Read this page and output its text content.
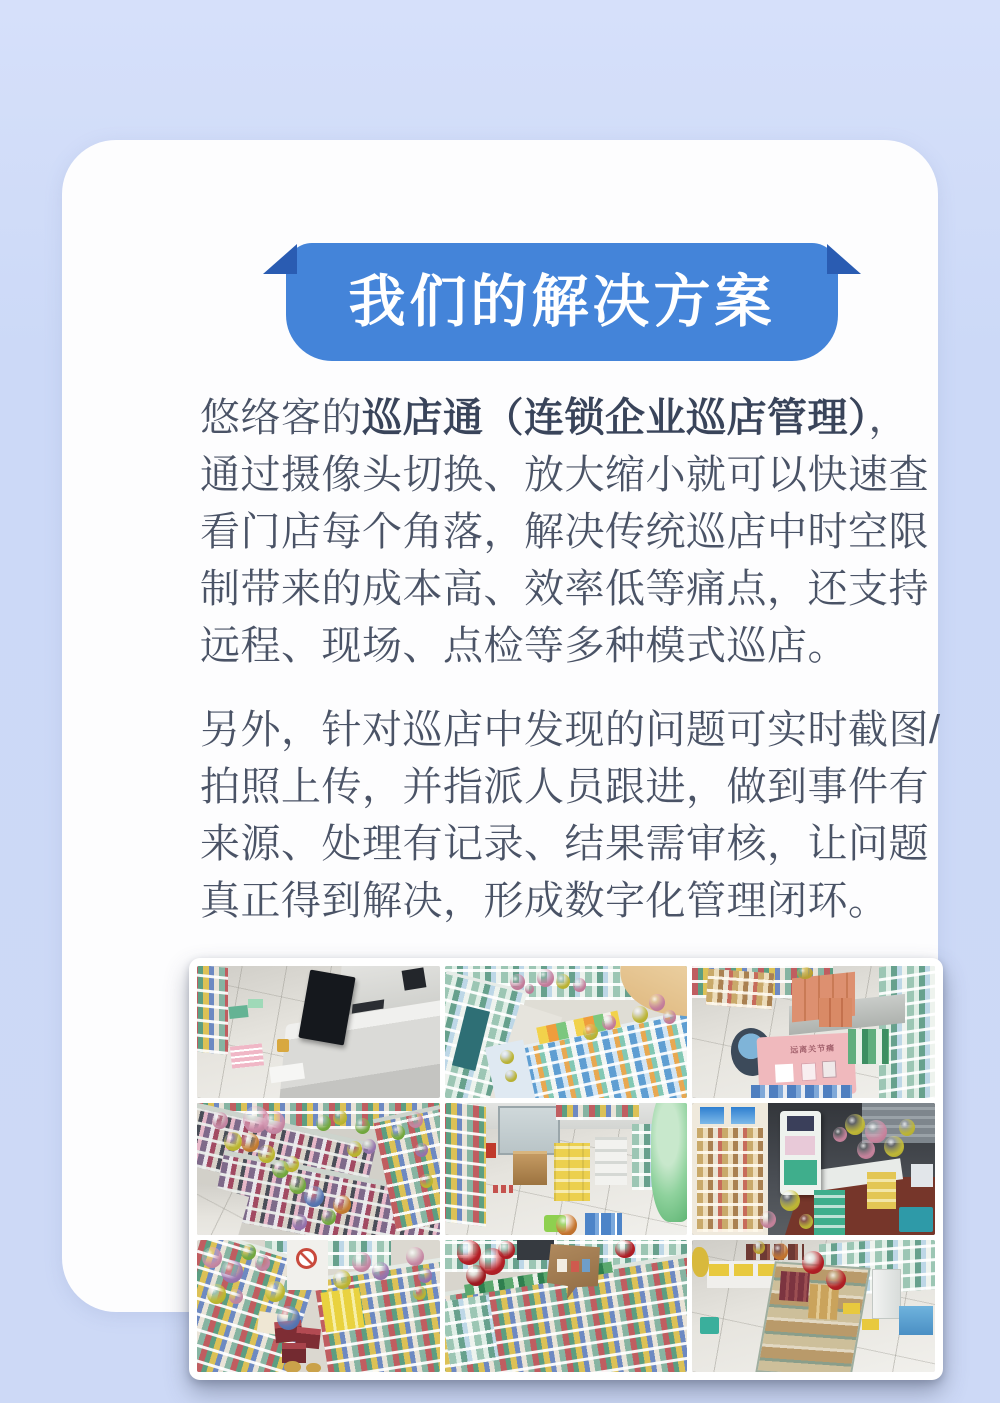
我们的解决方案

悠络客的巡店通（连锁企业巡店管理），通过摄像头切换、放大缩小就可以快速查看门店每个角落，解决传统巡店中时空限制带来的成本高、效率低等痛点，还支持远程、现场、点检等多种模式巡店。

另外，针对巡店中发现的问题可实时截图/拍照上传，并指派人员跟进，做到事件有来源、处理有记录、结果需审核，让问题真正得到解决，形成数字化管理闭环。

远离关节痛
